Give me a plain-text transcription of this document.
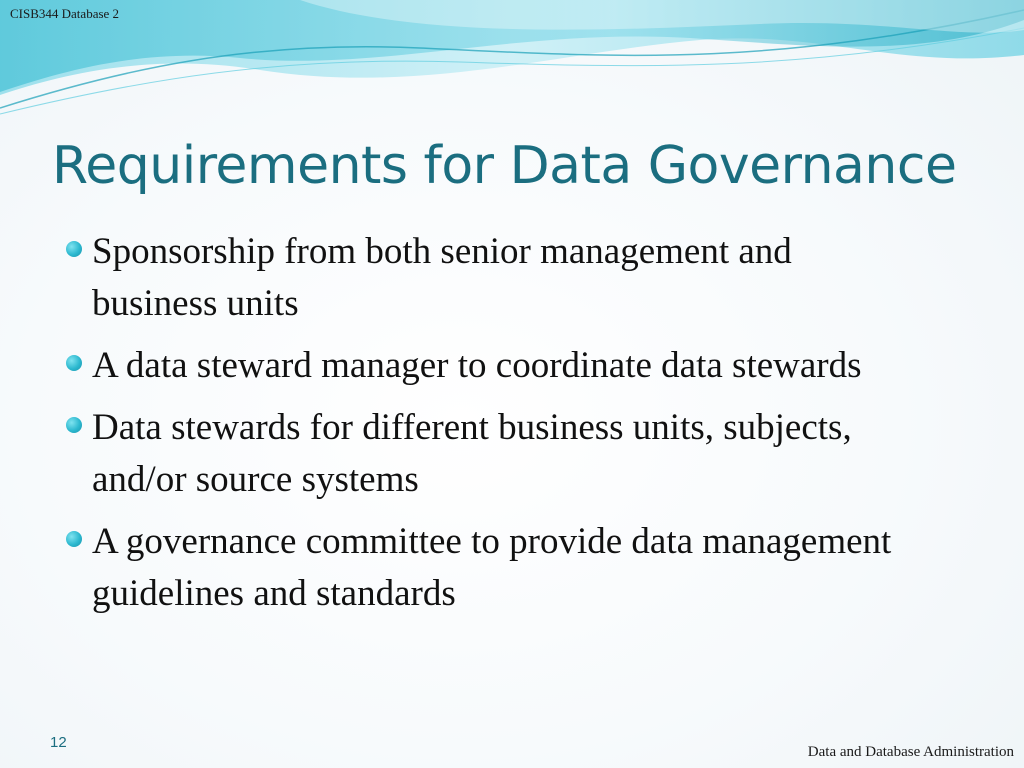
CISB344 Database 2
Requirements for Data Governance
Sponsorship from both senior management and business units
A data steward manager to coordinate data stewards
Data stewards for different business units, subjects, and/or source systems
A governance committee to provide data management guidelines and standards
12
Data and Database Administration
